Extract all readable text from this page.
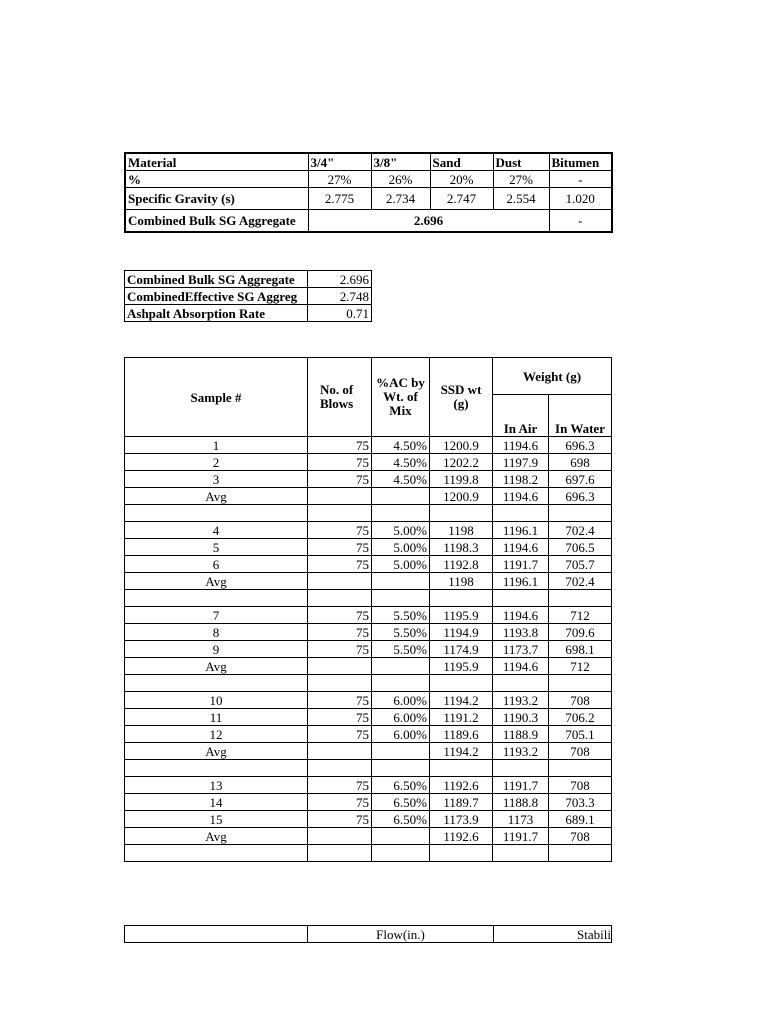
Material	3/4"	3/8"	Sand	Dust	Bitumen
%	27%	26%	20%	27%	-
Specific Gravity (s)	2.775	2.734	2.747	2.554	1.020
Combined Bulk SG Aggregate	2.696				-
Combined Bulk SG Aggregate	2.696
CombinedEffective SG Aggreg	2.748
Ashpalt Absorption Rate	0.71
Sample #	No. of Blows	%AC by Wt. of Mix	SSD wt (g)	Weight (g)	
				In Air	In Water
1	75	4.50%	1200.9	1194.6	696.3
2	75	4.50%	1202.2	1197.9	698
3	75	4.50%	1199.8	1198.2	697.6
Avg			1200.9	1194.6	696.3

4	75	5.00%	1198	1196.1	702.4
5	75	5.00%	1198.3	1194.6	706.5
6	75	5.00%	1192.8	1191.7	705.7
Avg			1198	1196.1	702.4

7	75	5.50%	1195.9	1194.6	712
8	75	5.50%	1194.9	1193.8	709.6
9	75	5.50%	1174.9	1173.7	698.1
Avg			1195.9	1194.6	712

10	75	6.00%	1194.2	1193.2	708
11	75	6.00%	1191.2	1190.3	706.2
12	75	6.00%	1189.6	1188.9	705.1
Avg			1194.2	1193.2	708

13	75	6.50%	1192.6	1191.7	708
14	75	6.50%	1189.7	1188.8	703.3
15	75	6.50%	1173.9	1173	689.1
Avg			1192.6	1191.7	708

	Flow(in.)	Stabili
